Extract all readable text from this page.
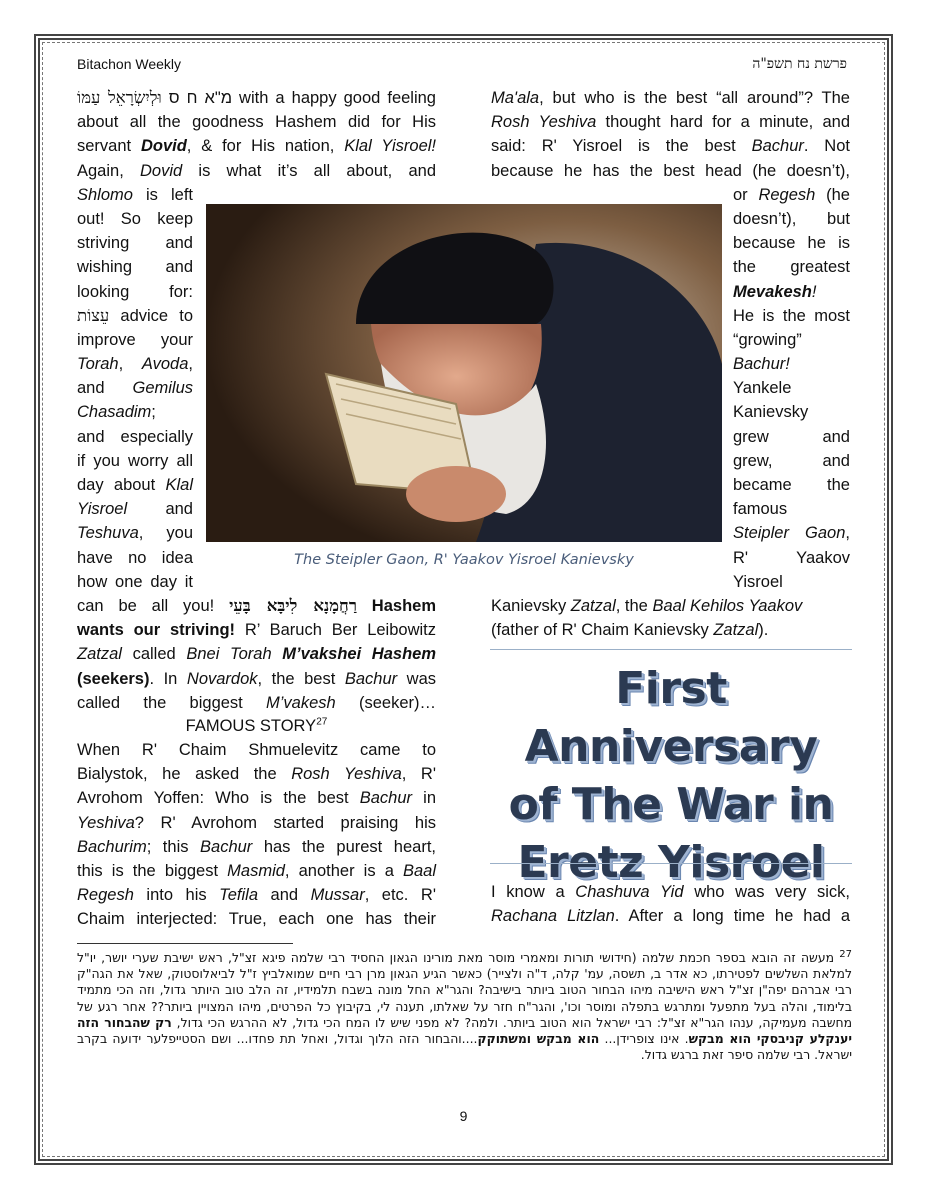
Bitachon Weekly	פרשת נח תשפ"ה
וּלְיִשְׂרָאֵל עַמּוֹ מ"א ח ס with a happy good feeling
about all the goodness Hashem did for His
servant Dovid, & for His nation, Klal Yisroel!
Again, Dovid is what it’s all about, and
Shlomo is left
out! So keep
striving and
wishing and
looking for:
עֵצוֹת advice to
improve your
Torah, Avoda,
and Gemilus
Chasadim;
and especially
if you worry all
day about Klal
Yisroel and
Teshuva, you
have no idea
how one day it
can be all you! רַחֲמָנָא לִיבָּא בָּעֵי Hashem
wants our striving! R’ Baruch Ber Leibowitz
Zatzal called Bnei Torah M’vakshei Hashem
(seekers). In Novardok, the best Bachur was
called the biggest M’vakesh (seeker)…
FAMOUS STORY$^{27}$
When R' Chaim Shmuelevitz came to
Bialystok, he asked the Rosh Yeshiva, R'
Avrohom Yoffen: Who is the best Bachur in
Yeshiva? R' Avrohom started praising his
Bachurim; this Bachur has the purest heart,
this is the biggest Masmid, another is a Baal
Regesh into his Tefila and Mussar, etc. R'
Chaim interjected: True, each one has their
Ma'ala, but who is the best “all around”? The
Rosh Yeshiva thought hard for a minute, and
said: R' Yisroel is the best Bachur. Not
because he has the best head (he doesn’t),
or Regesh (he
doesn’t), but
because he is
the greatest
Mevakesh!
He is the most
“growing”
Bachur!
Yankele
Kanievsky
grew and
grew, and
became the
famous
Steipler Gaon,
R' Yaakov
Yisroel
Kanievsky Zatzal, the Baal Kehilos Yaakov
(father of R' Chaim Kanievsky Zatzal).
The Steipler Gaon, R' Yaakov Yisroel Kanievsky
First Anniversary
of The War in
Eretz Yisroel
I know a Chashuva Yid who was very sick,
Rachana Litzlan. After a long time he had a
$^{27}$ מעשה זה הובא בספר חכמת שלמה (חידושי תורות ומאמרי מוסר מאת מורינו הגאון החסיד רבי שלמה פיגא זצ"ל, ראש ישיבת שערי יושר, יו"ל למלאת השלשים לפטירתו, כא אדר ב, תשסה, עמ' קלה, ד"ה ולצייר) כאשר הגיע הגאון מרן רבי חיים שמואלביץ ז"ל לביאלוסטוק, שאל את הגה"ק רבי אברהם יפה"ן זצ"ל ראש הישיבה מיהו הבחור הטוב ביותר בישיבה? והגר"א החל מונה בשבח תלמידיו, זה הלב טוב היותר גדול, וזה הכי מתמיד בלימוד, והלה בעל מתפעל ומתרגש בתפלה ומוסר וכו', והגר"ח חזר על שאלתו, תענה לי, בקיבוץ כל הפרטים, מיהו המצויין ביותר?? אחר רגע של מחשבה מעמיקה, ענהו הגר"א זצ"ל: רבי ישראל הוא הטוב ביותר. ולמה? לא מפני שיש לו המח הכי גדול, לא ההרגש הכי גדול, רק שהבחור הזה יענקלע קניבסקי הוא מבקש. אינו צופרידן... הוא מבקש ומשתוקק....והבחור הזה הלוך וגדול, ואחל תת פחדו... ושם הסטייפלער ידועה בקרב ישראל. רבי שלמה סיפר זאת ברגש גדול.
9
